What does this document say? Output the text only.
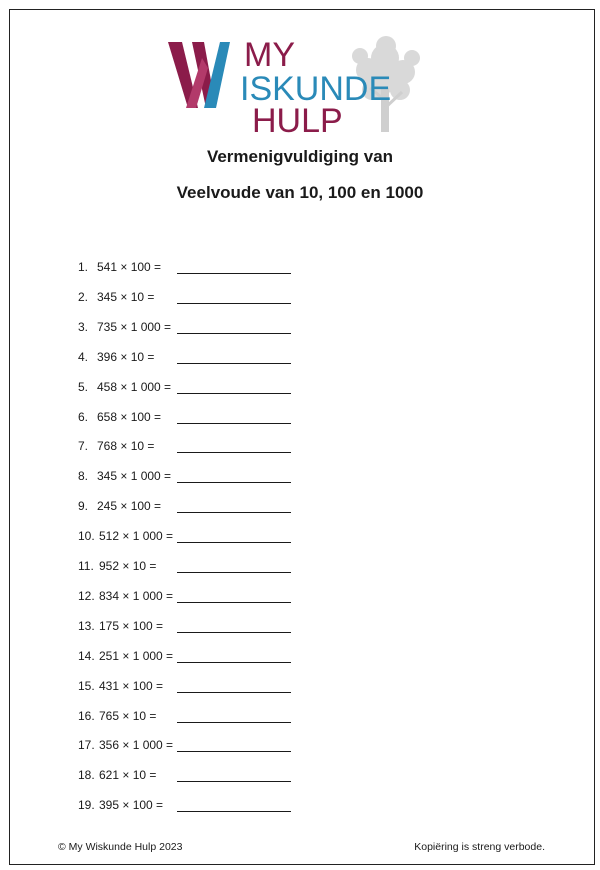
MY
ISKUNDE
HULP
Vermenigvuldiging van
Veelvoude van 10, 100 en 1000
1. 541 × 100 =
2. 345 × 10 =
3. 735 × 1 000 =
4. 396 × 10 =
5. 458 × 1 000 =
6. 658 × 100 =
7. 768 × 10 =
8. 345 × 1 000 =
9. 245 × 100 =
10. 512 × 1 000 =
11. 952 × 10 =
12. 834 × 1 000 =
13. 175 × 100 =
14. 251 × 1 000 =
15. 431 × 100 =
16. 765 × 10 =
17. 356 × 1 000 =
18. 621 × 10 =
19. 395 × 100 =
© My Wiskunde Hulp 2023	Kopiëring is streng verbode.
